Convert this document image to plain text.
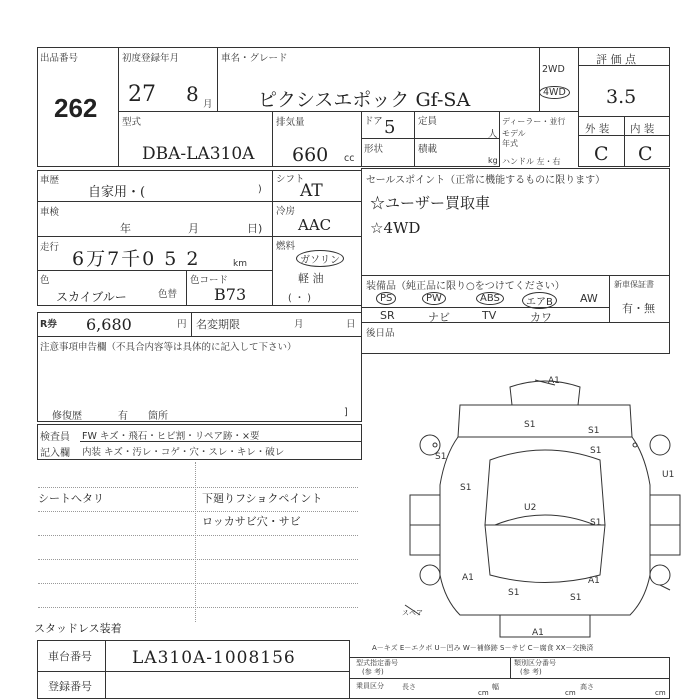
出品番号
262
初度登録年月
27 8 月
車名・グレード
ピクシスエポック Gf-SA
2WD
4WD
評 価 点
3.5
型式
DBA-LA310A
排気量
660 cc
ドア 5 定員
人
ディーラー・並行
モデル
年式
形状	積載
kg ハンドル 左・右
外 装 内 装
C C
車歴
自家用・(	)
シフト
AT
車検
年	月	日)
冷房
AAC
走行
6万7千0 5 2	km
燃料
ガソリン
軽 油
( ・ )
色
スカイブルー	色替
色コード
B73
R券 6,680	円 名変期限	月	日
注意事項申告欄（不具合内容等は具体的に記入して下さい）
修復歴	有 箇所	]
検査員
記入欄
FW キズ・飛石・ヒビ割・リペア跡・×要
内装 キズ・汚レ・コゲ・穴・スレ・キレ・破レ
シートへタリ	下廻りフショクペイント
ロッカサビ穴・サビ
スタッドレス装着
セールスポイント（正常に機能するものに限ります）
☆ユーザー買取車
☆4WD
装備品（純正品に限り○をつけてください）	新車保証書
有・無
PS	PW	ABS	エアB	AW
SR	ナビ	TV	カワ
後日品
A1
S1
S1
S1
S1
S1
U1
U2
S1
A1	A1
S1	S1
A1
スペア
A－キズ E－エクボ U－凹み W－補修跡 S－サビ C－腐食 XX－交換済
車台番号 LA310A-1008156
登録番号
型式指定番号
(参 考)
類別区分番号
(参 考)
乗員区分	長さ	幅	高さ
cm	cm	cm
